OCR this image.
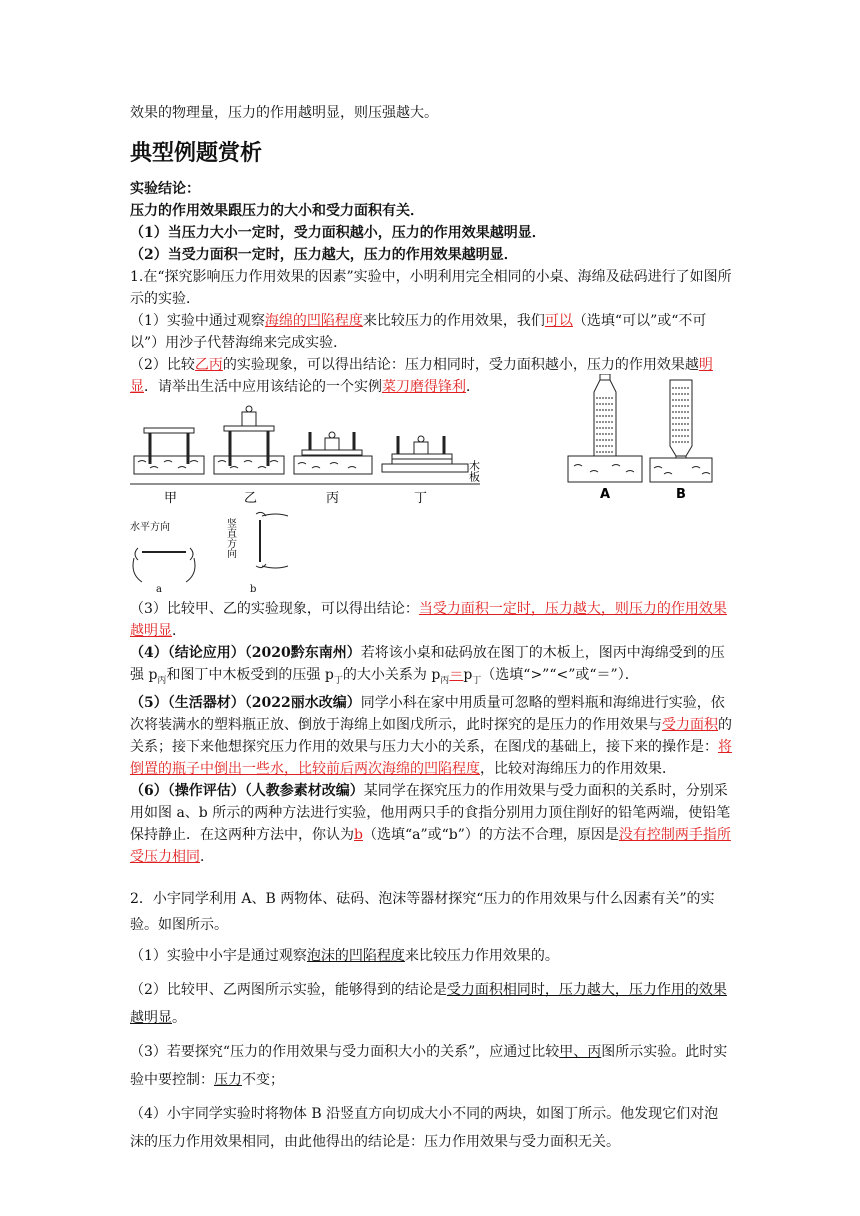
效果的物理量，压力的作用越明显，则压强越大。

典型例题赏析

实验结论：

压力的作用效果跟压力的大小和受力面积有关．

（1）当压力大小一定时，受力面积越小，压力的作用效果越明显．

（2）当受力面积一定时，压力越大，压力的作用效果越明显．

1.在“探究影响压力作用效果的因素”实验中，小明利用完全相同的小桌、海绵及砝码进行了如图所示的实验．

（1）实验中通过观察海绵的凹陷程度来比较压力的作用效果，我们可以（选填“可以”或“不可以”）用沙子代替海绵来完成实验．

（2）比较乙丙的实验现象，可以得出结论：压力相同时，受力面积越小，压力的作用效果越明显．请举出生活中应用该结论的一个实例菜刀磨得锋利．

木板
甲	乙	丙	丁	A	B
水平方向	竖直方向
a	b

（3）比较甲、乙的实验现象，可以得出结论：当受力面积一定时，压力越大，则压力的作用效果越明显．

（4）（结论应用）（2020黔东南州）若将该小桌和砝码放在图丁的木板上，图丙中海绵受到的压强 $p_丙$和图丁中木板受到的压强 $p_丁$的大小关系为 $p_丙=p_丁$（选填“>”“<”或“＝”）．

（5）（生活器材）（2022丽水改编）同学小科在家中用质量可忽略的塑料瓶和海绵进行实验，依次将装满水的塑料瓶正放、倒放于海绵上如图戊所示，此时探究的是压力的作用效果与受力面积的关系；接下来他想探究压力作用的效果与压力大小的关系，在图戊的基础上，接下来的操作是：将倒置的瓶子中倒出一些水，比较前后两次海绵的凹陷程度，比较对海绵压力的作用效果．

（6）（操作评估）（人教参素材改编）某同学在探究压力的作用效果与受力面积的关系时，分别采用如图 a、b 所示的两种方法进行实验，他用两只手的食指分别用力顶住削好的铅笔两端，使铅笔保持静止．在这两种方法中，你认为b（选填“a”或“b”）的方法不合理，原因是没有控制两手指所受压力相同．

2．小宇同学利用 A、B 两物体、砝码、泡沫等器材探究“压力的作用效果与什么因素有关”的实验。如图所示。

（1）实验中小宇是通过观察泡沫的凹陷程度来比较压力作用效果的。

（2）比较甲、乙两图所示实验，能够得到的结论是受力面积相同时，压力越大，压力作用的效果越明显。

（3）若要探究“压力的作用效果与受力面积大小的关系”，应通过比较甲、丙图所示实验。此时实验中要控制：压力不变；

（4）小宇同学实验时将物体 B 沿竖直方向切成大小不同的两块，如图丁所示。他发现它们对泡沫的压力作用效果相同，由此他得出的结论是：压力作用效果与受力面积无关。
